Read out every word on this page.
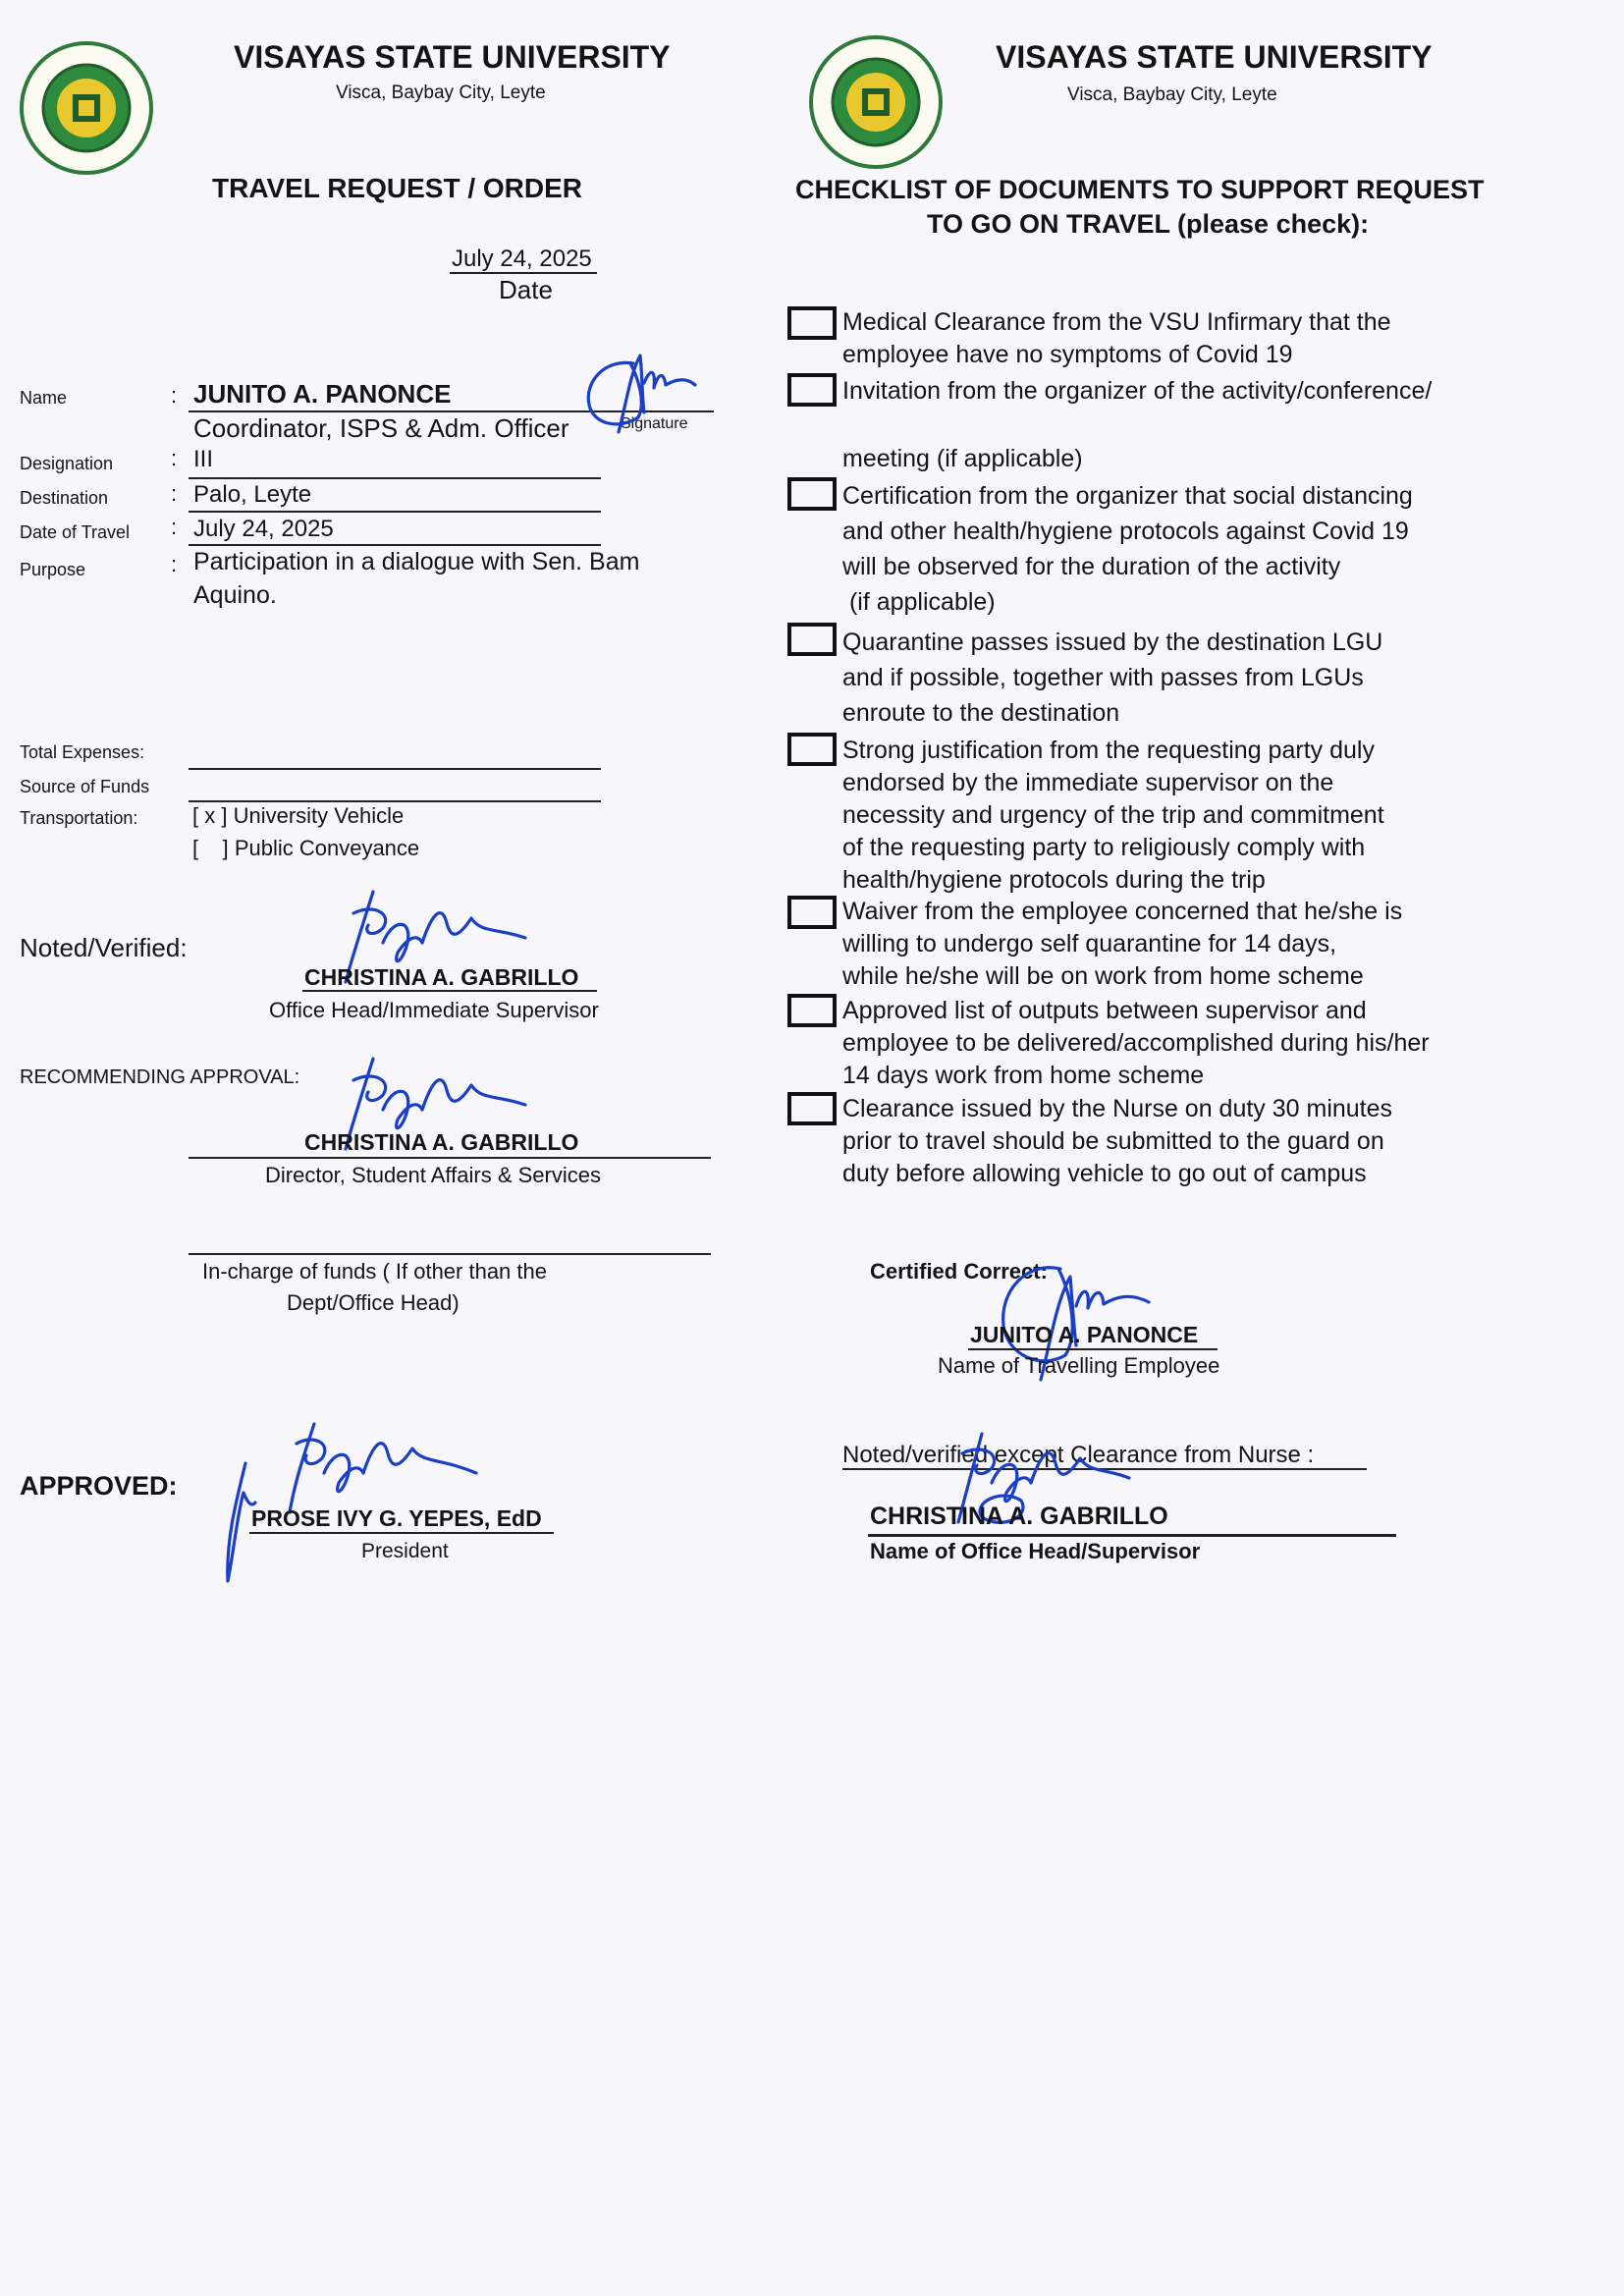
VISAYAS STATE UNIVERSITY
Visca, Baybay City, Leyte
TRAVEL REQUEST / ORDER
July 24, 2025
Date
Name	: JUNITO A. PANONCE
Coordinator, ISPS & Adm. Officer	Signature
Designation	: III
Destination	: Palo, Leyte
Date of Travel : July 24, 2025
Purpose	: Participation in a dialogue with Sen. Bam
Aquino.
Total Expenses:
Source of Funds
Transportation:	[ x ] University Vehicle
[    ] Public Conveyance
Noted/Verified:
CHRISTINA A. GABRILLO
Office Head/Immediate Supervisor
RECOMMENDING APPROVAL:
CHRISTINA A. GABRILLO
Director, Student Affairs & Services
In-charge of funds ( If other than the
Dept/Office Head)
APPROVED:
PROSE IVY G. YEPES, EdD
President
VISAYAS STATE UNIVERSITY
Visca, Baybay City, Leyte
CHECKLIST OF DOCUMENTS TO SUPPORT REQUEST
TO GO ON TRAVEL (please check):
Medical Clearance from the VSU Infirmary that the
employee have no symptoms of Covid 19
Invitation from the organizer of the activity/conference/
meeting (if applicable)
Certification from the organizer that social distancing
and other health/hygiene protocols against Covid 19
will be observed for the duration of the activity
(if applicable)
Quarantine passes issued by the destination LGU
and if possible, together with passes from LGUs
enroute to the destination
Strong justification from the requesting party duly
endorsed by the immediate supervisor on the
necessity and urgency of the trip and commitment
of the requesting party to religiously comply with
health/hygiene protocols during the trip
Waiver from the employee concerned that he/she is
willing to undergo self quarantine for 14 days,
while he/she will be on work from home scheme
Approved list of outputs between supervisor and
employee to be delivered/accomplished during his/her
14 days work from home scheme
Clearance issued by the Nurse on duty 30 minutes
prior to travel should be submitted to the guard on
duty before allowing vehicle to go out of campus
Certified Correct:
JUNITO A. PANONCE
Name of Travelling Employee
Noted/verified except Clearance from Nurse :
CHRISTINA A. GABRILLO
Name of Office Head/Supervisor
